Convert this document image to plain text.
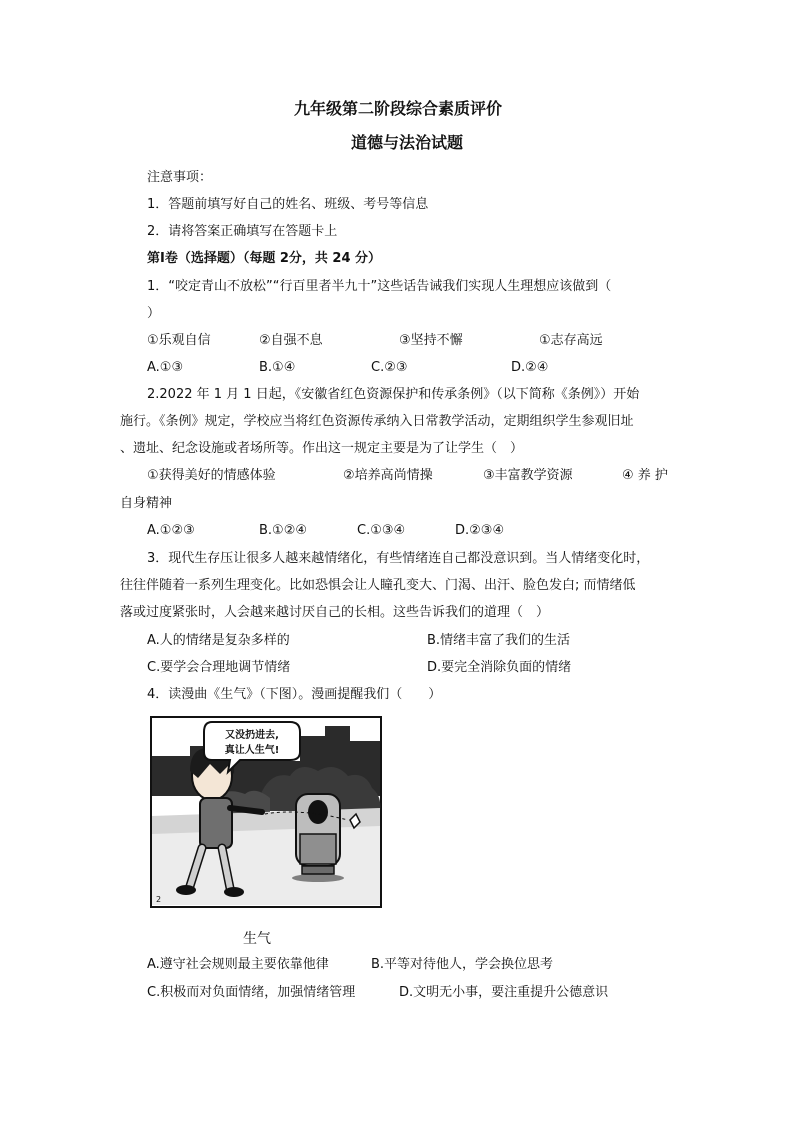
九年级第二阶段综合素质评价
道德与法治试题
注意事项：
1．答题前填写好自己的姓名、班级、考号等信息
2．请将答案正确填写在答题卡上
第Ⅰ卷（选择题）（每题 2分，共 24 分）
1．“咬定青山不放松”“行百里者半九十”这些话告诫我们实现人生理想应该做到（
）
①乐观自信	②自强不息	③坚持不懈	①志存高远
A.①③	B.①④	C.②③	D.②④
2.2022 年 1 月 1 日起，《安徽省红色资源保护和传承条例》（以下简称《条例》）开始
施行。《条例》规定，学校应当将红色资源传承纳入日常教学活动，定期组织学生参观旧址
、遗址、纪念设施或者场所等。作出这一规定主要是为了让学生（　）
①获得美好的情感体验	②培养高尚情操	③丰富教学资源	④ 养 护
自身精神
A.①②③	B.①②④	C.①③④	D.②③④
3．现代生存压让很多人越来越情绪化，有些情绪连自己都没意识到。当人情绪变化时，
往往伴随着一系列生理变化。比如恐惧会让人瞳孔变大、门渴、出汗、脸色发白; 而情绪低
落或过度紧张时，人会越来越讨厌自己的长相。这些告诉我们的道理（　）
A.人的情绪是复杂多样的	B.情绪丰富了我们的生活
C.要学会合理地调节情绪	D.要完全消除负面的情绪
4．读漫曲《生气》（下图）。漫画提醒我们（　　）
又没扔进去,
真让人生气!
2
生气
A.遵守社会规则最主要依靠他律	B.平等对待他人，学会换位思考
C.积极而对负面情绪，加强情绪管理	D.文明无小事，要注重提升公德意识
